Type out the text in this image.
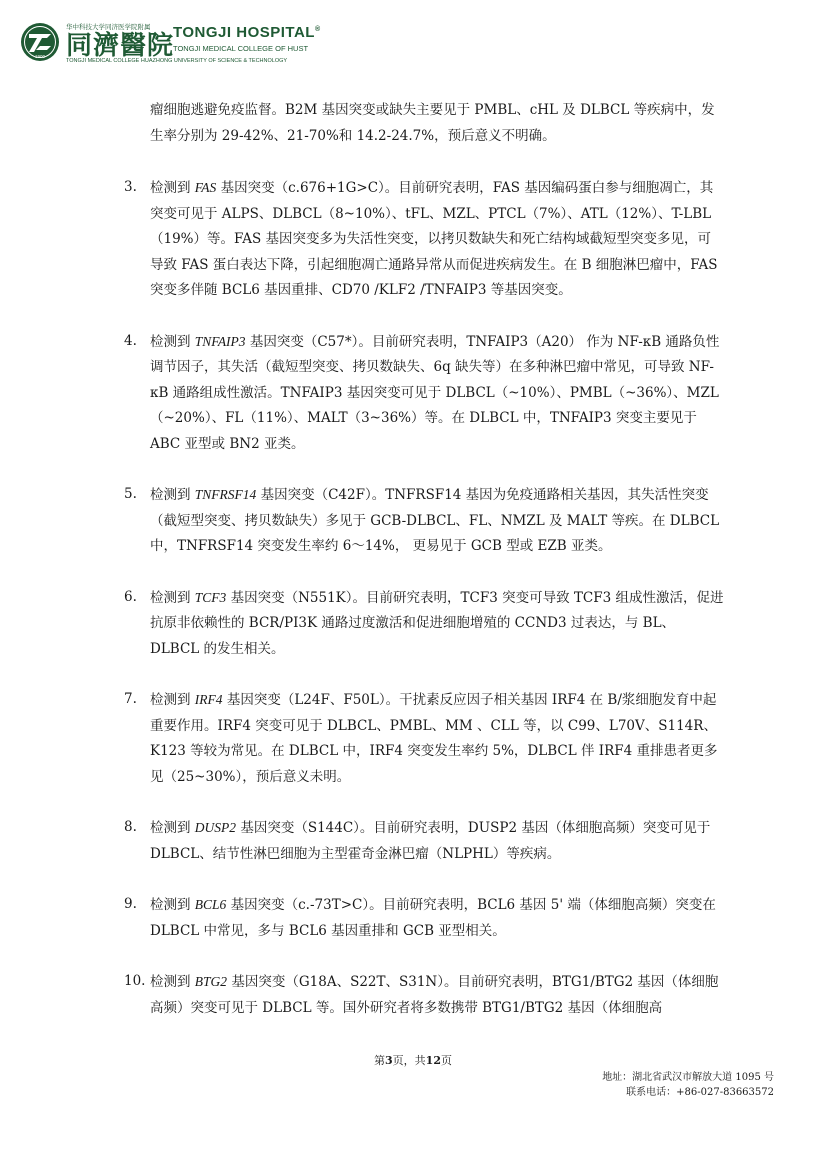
1900
华中科技大学同济医学院附属
同濟醫院
TONGJI HOSPITAL®
TONGJI MEDICAL COLLEGE OF HUST
TONGJI MEDICAL COLLEGE HUAZHONG UNIVERSITY OF SCIENCE & TECHNOLOGY

瘤细胞逃避免疫监督。B2M 基因突变或缺失主要见于 PMBL、cHL 及 DLBCL 等疾病中，发生率分别为 29-42%、21-70%和 14.2-24.7%，预后意义不明确。

3. 检测到 FAS 基因突变（c.676+1G>C）。目前研究表明，FAS 基因编码蛋白参与细胞凋亡，其突变可见于 ALPS、DLBCL（8~10%）、tFL、MZL、PTCL（7%）、ATL（12%）、T-LBL（19%）等。FAS 基因突变多为失活性突变，以拷贝数缺失和死亡结构域截短型突变多见，可导致 FAS 蛋白表达下降，引起细胞凋亡通路异常从而促进疾病发生。在 B 细胞淋巴瘤中，FAS 突变多伴随 BCL6 基因重排、CD70 /KLF2 /TNFAIP3 等基因突变。
4. 检测到 TNFAIP3 基因突变（C57*）。目前研究表明，TNFAIP3（A20） 作为 NF-κB 通路负性调节因子，其失活（截短型突变、拷贝数缺失、6q 缺失等）在多种淋巴瘤中常见，可导致 NF-κB 通路组成性激活。TNFAIP3 基因突变可见于 DLBCL（~10%）、PMBL（~36%）、MZL（~20%）、FL（11%）、MALT（3~36%）等。在 DLBCL 中，TNFAIP3 突变主要见于 ABC 亚型或 BN2 亚类。
5. 检测到 TNFRSF14 基因突变（C42F）。TNFRSF14 基因为免疫通路相关基因，其失活性突变（截短型突变、拷贝数缺失）多见于 GCB-DLBCL、FL、NMZL 及 MALT 等疾。在 DLBCL 中，TNFRSF14 突变发生率约 6～14%， 更易见于 GCB 型或 EZB 亚类。
6. 检测到 TCF3 基因突变（N551K）。目前研究表明，TCF3 突变可导致 TCF3 组成性激活，促进抗原非依赖性的 BCR/PI3K 通路过度激活和促进细胞增殖的 CCND3 过表达，与 BL、DLBCL 的发生相关。
7. 检测到 IRF4 基因突变（L24F、F50L）。干扰素反应因子相关基因 IRF4 在 B/浆细胞发育中起重要作用。IRF4 突变可见于 DLBCL、PMBL、MM 、CLL 等，以 C99、L70V、S114R、K123 等较为常见。在 DLBCL 中，IRF4 突变发生率约 5%，DLBCL 伴 IRF4 重排患者更多见（25~30%），预后意义未明。
8. 检测到 DUSP2 基因突变（S144C）。目前研究表明，DUSP2 基因（体细胞高频）突变可见于 DLBCL、结节性淋巴细胞为主型霍奇金淋巴瘤（NLPHL）等疾病。
9. 检测到 BCL6 基因突变（c.-73T>C）。目前研究表明，BCL6 基因 5' 端（体细胞高频）突变在 DLBCL 中常见，多与 BCL6 基因重排和 GCB 亚型相关。
10. 检测到 BTG2 基因突变（G18A、S22T、S31N）。目前研究表明，BTG1/BTG2 基因（体细胞高频）突变可见于 DLBCL 等。国外研究者将多数携带 BTG1/BTG2 基因（体细胞高
第3页，共12页
地址：湖北省武汉市解放大道 1095 号
联系电话：+86-027-83663572
